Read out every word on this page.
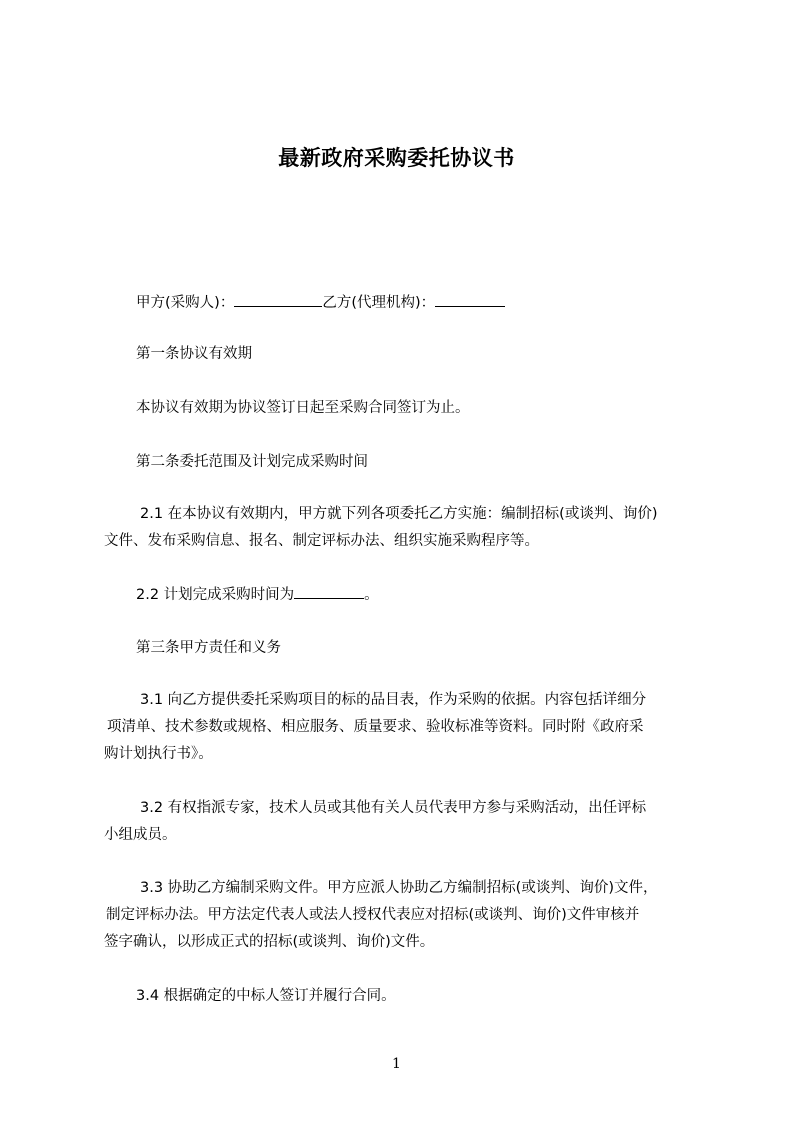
最新政府采购委托协议书
甲方(采购人)：	乙方(代理机构)：
第一条协议有效期
本协议有效期为协议签订日起至采购合同签订为止。
第二条委托范围及计划完成采购时间
2.1 在本协议有效期内，甲方就下列各项委托乙方实施：编制招标(或谈判、询价)
文件、发布采购信息、报名、制定评标办法、组织实施采购程序等。
2.2 计划完成采购时间为	。
第三条甲方责任和义务
3.1 向乙方提供委托采购项目的标的品目表，作为采购的依据。内容包括详细分
项清单、技术参数或规格、相应服务、质量要求、验收标准等资料。同时附《政府采
购计划执行书》。
3.2 有权指派专家，技术人员或其他有关人员代表甲方参与采购活动，出任评标
小组成员。
3.3 协助乙方编制采购文件。甲方应派人协助乙方编制招标(或谈判、询价)文件，
制定评标办法。甲方法定代表人或法人授权代表应对招标(或谈判、询价)文件审核并
签字确认，以形成正式的招标(或谈判、询价)文件。
3.4 根据确定的中标人签订并履行合同。
1
